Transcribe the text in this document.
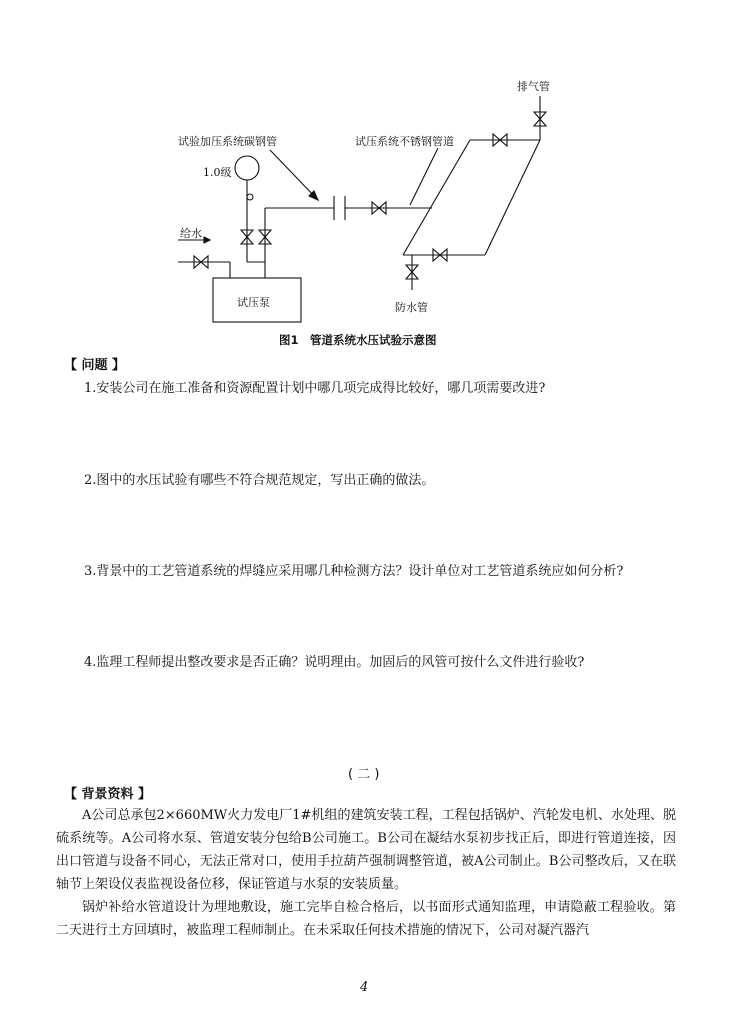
排气管
试验加压系统碳钢管	试压系统不锈钢管道
1.0级
给水
试压泵	防水管
图1　管道系统水压试验示意图
【 问题 】
1.安装公司在施工准备和资源配置计划中哪几项完成得比较好，哪几项需要改进?
2.图中的水压试验有哪些不符合规范规定，写出正确的做法。
3.背景中的工艺管道系统的焊缝应采用哪几种检测方法？设计单位对工艺管道系统应如何分析?
4.监理工程师提出整改要求是否正确？说明理由。加固后的风管可按什么文件进行验收?
( 二 )
【 背景资料 】
A公司总承包2×660MW火力发电厂1#机组的建筑安装工程，工程包括锅炉、汽轮发电机、水处理、脱硫系统等。A公司将水泵、管道安装分包给B公司施工。B公司在凝结水泵初步找正后，即进行管道连接，因出口管道与设备不同心，无法正常对口，使用手拉葫芦强制调整管道，被A公司制止。B公司整改后，又在联轴节上架设仪表监视设备位移，保证管道与水泵的安装质量。
锅炉补给水管道设计为埋地敷设，施工完毕自检合格后，以书面形式通知监理，申请隐蔽工程验收。第二天进行土方回填时，被监理工程师制止。在未采取任何技术措施的情况下，公司对凝汽器汽
4
